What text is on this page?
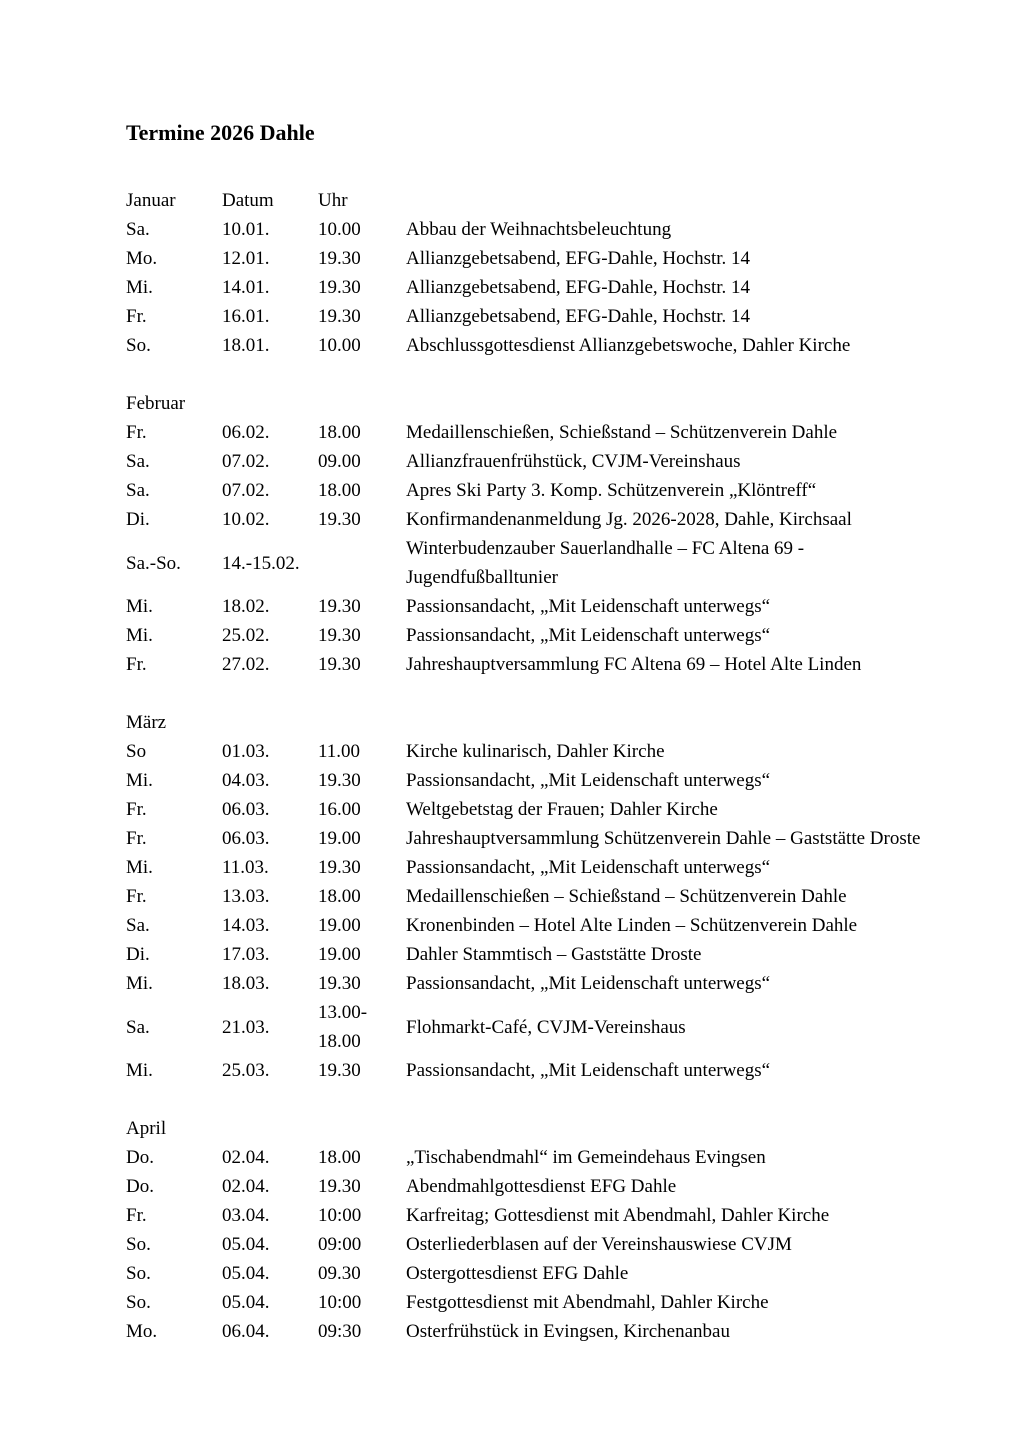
Termine 2026 Dahle
Januar	Datum	Uhr	
Sa.	10.01.	10.00	Abbau der Weihnachtsbeleuchtung
Mo.	12.01.	19.30	Allianzgebetsabend, EFG-Dahle, Hochstr. 14
Mi.	14.01.	19.30	Allianzgebetsabend, EFG-Dahle, Hochstr. 14
Fr.	16.01.	19.30	Allianzgebetsabend, EFG-Dahle, Hochstr. 14
So.	18.01.	10.00	Abschlussgottesdienst Allianzgebetswoche, Dahler Kirche
Februar			
Fr.	06.02.	18.00	Medaillenschießen, Schießstand – Schützenverein Dahle
Sa.	07.02.	09.00	Allianzfrauenfrühstück, CVJM-Vereinshaus
Sa.	07.02.	18.00	Apres Ski Party 3. Komp. Schützenverein „Klöntreff“
Di.	10.02.	19.30	Konfirmandenanmeldung Jg. 2026-2028, Dahle, Kirchsaal
Sa.-So.	14.-15.02.		Winterbudenzauber Sauerlandhalle – FC Altena 69 - Jugendfußballtunier
Mi.	18.02.	19.30	Passionsandacht, „Mit Leidenschaft unterwegs“
Mi.	25.02.	19.30	Passionsandacht, „Mit Leidenschaft unterwegs“
Fr.	27.02.	19.30	Jahreshauptversammlung FC Altena 69 – Hotel Alte Linden
März			
So	01.03.	11.00	Kirche kulinarisch, Dahler Kirche
Mi.	04.03.	19.30	Passionsandacht, „Mit Leidenschaft unterwegs“
Fr.	06.03.	16.00	Weltgebetstag der Frauen; Dahler Kirche
Fr.	06.03.	19.00	Jahreshauptversammlung Schützenverein Dahle – Gaststätte Droste
Mi.	11.03.	19.30	Passionsandacht, „Mit Leidenschaft unterwegs“
Fr.	13.03.	18.00	Medaillenschießen – Schießstand – Schützenverein Dahle
Sa.	14.03.	19.00	Kronenbinden – Hotel Alte Linden – Schützenverein Dahle
Di.	17.03.	19.00	Dahler Stammtisch – Gaststätte Droste
Mi.	18.03.	19.30	Passionsandacht, „Mit Leidenschaft unterwegs“
Sa.	21.03.	13.00-18.00	Flohmarkt-Café, CVJM-Vereinshaus
Mi.	25.03.	19.30	Passionsandacht, „Mit Leidenschaft unterwegs“
April			
Do.	02.04.	18.00	„Tischabendmahl“ im Gemeindehaus Evingsen
Do.	02.04.	19.30	Abendmahlgottesdienst EFG Dahle
Fr.	03.04.	10:00	Karfreitag; Gottesdienst mit Abendmahl, Dahler Kirche
So.	05.04.	09:00	Osterliederblasen auf der Vereinshauswiese CVJM
So.	05.04.	09.30	Ostergottesdienst EFG Dahle
So.	05.04.	10:00	Festgottesdienst mit Abendmahl, Dahler Kirche
Mo.	06.04.	09:30	Osterfrühstück in Evingsen, Kirchenanbau
